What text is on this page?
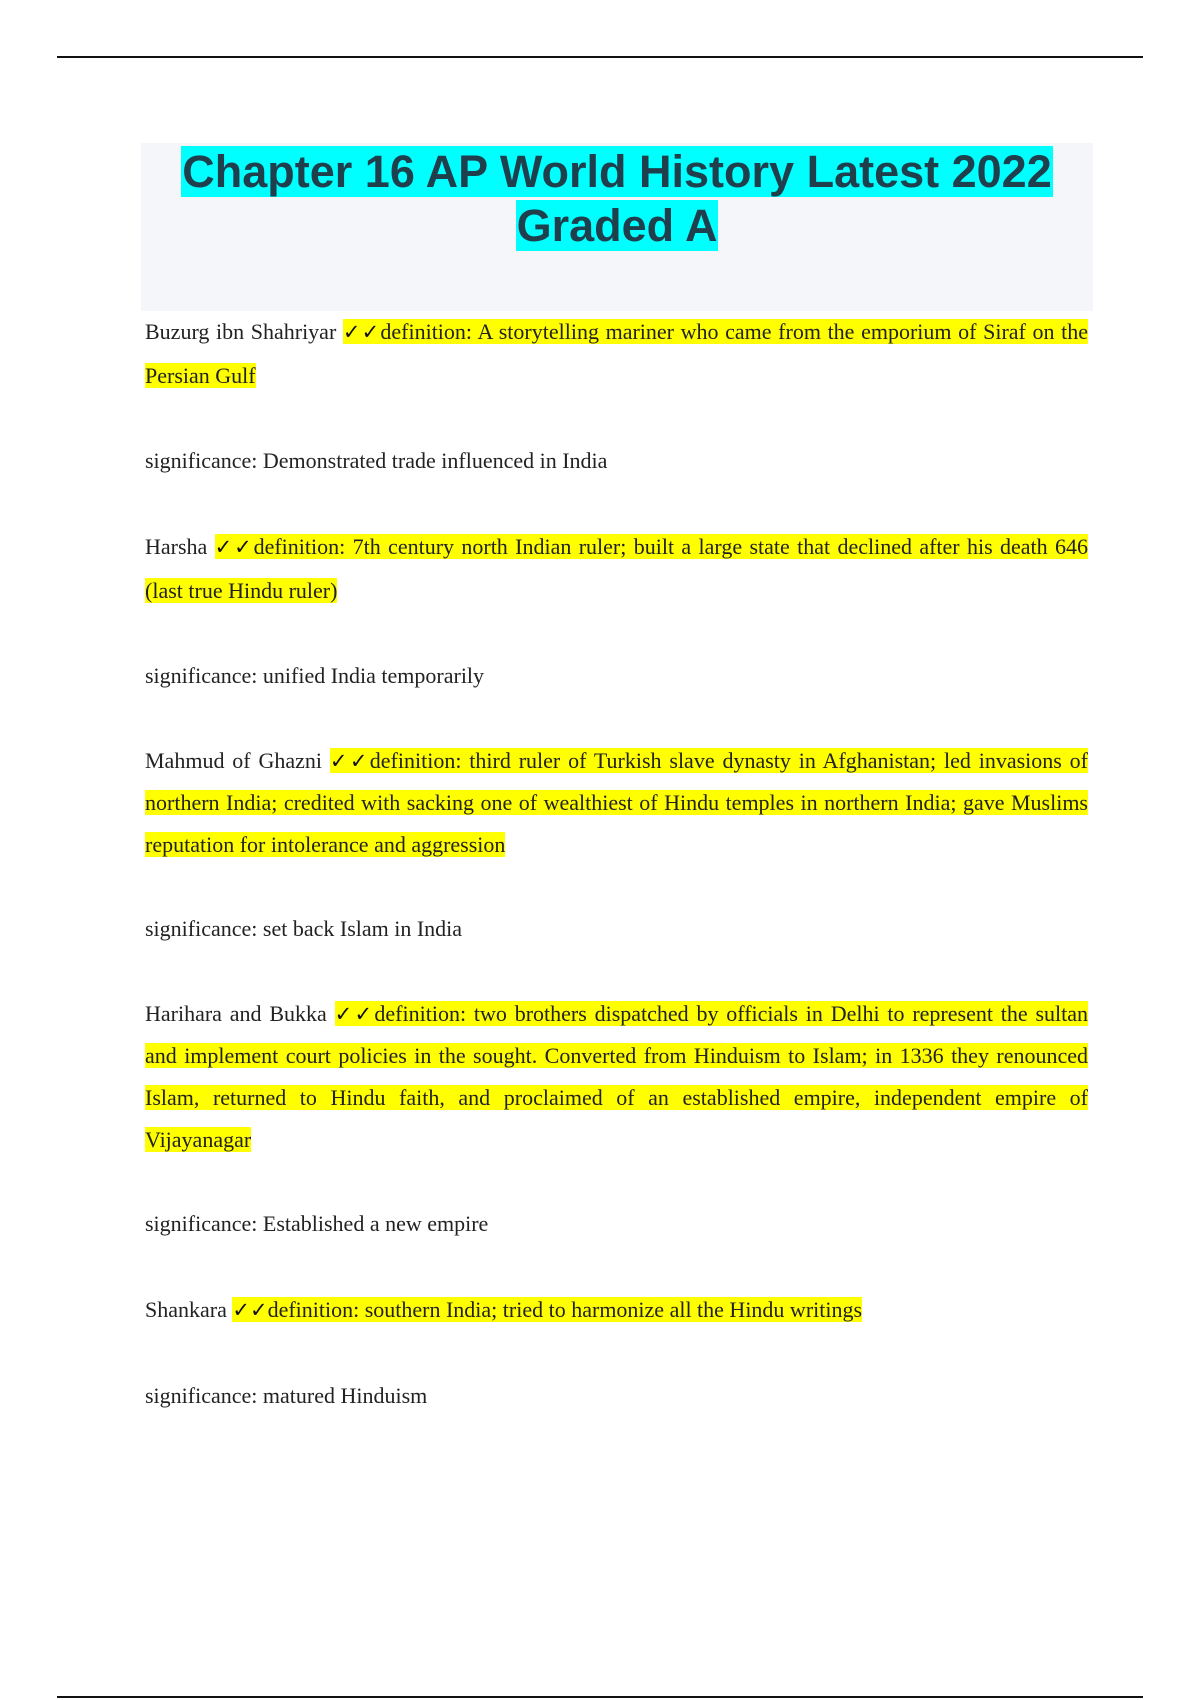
Chapter 16 AP World History Latest 2022
Graded A

Buzurg ibn Shahriyar ✓✓definition: A storytelling mariner who came from the emporium of Siraf on the Persian Gulf

significance: Demonstrated trade influenced in India

Harsha ✓✓definition: 7th century north Indian ruler; built a large state that declined after his death 646 (last true Hindu ruler)

significance: unified India temporarily

Mahmud of Ghazni ✓✓definition: third ruler of Turkish slave dynasty in Afghanistan; led invasions of northern India; credited with sacking one of wealthiest of Hindu temples in northern India; gave Muslims reputation for intolerance and aggression

significance: set back Islam in India

Harihara and Bukka ✓✓definition: two brothers dispatched by officials in Delhi to represent the sultan and implement court policies in the sought. Converted from Hinduism to Islam; in 1336 they renounced Islam, returned to Hindu faith, and proclaimed of an established empire, independent empire of Vijayanagar

significance: Established a new empire

Shankara ✓✓definition: southern India; tried to harmonize all the Hindu writings

significance: matured Hinduism
